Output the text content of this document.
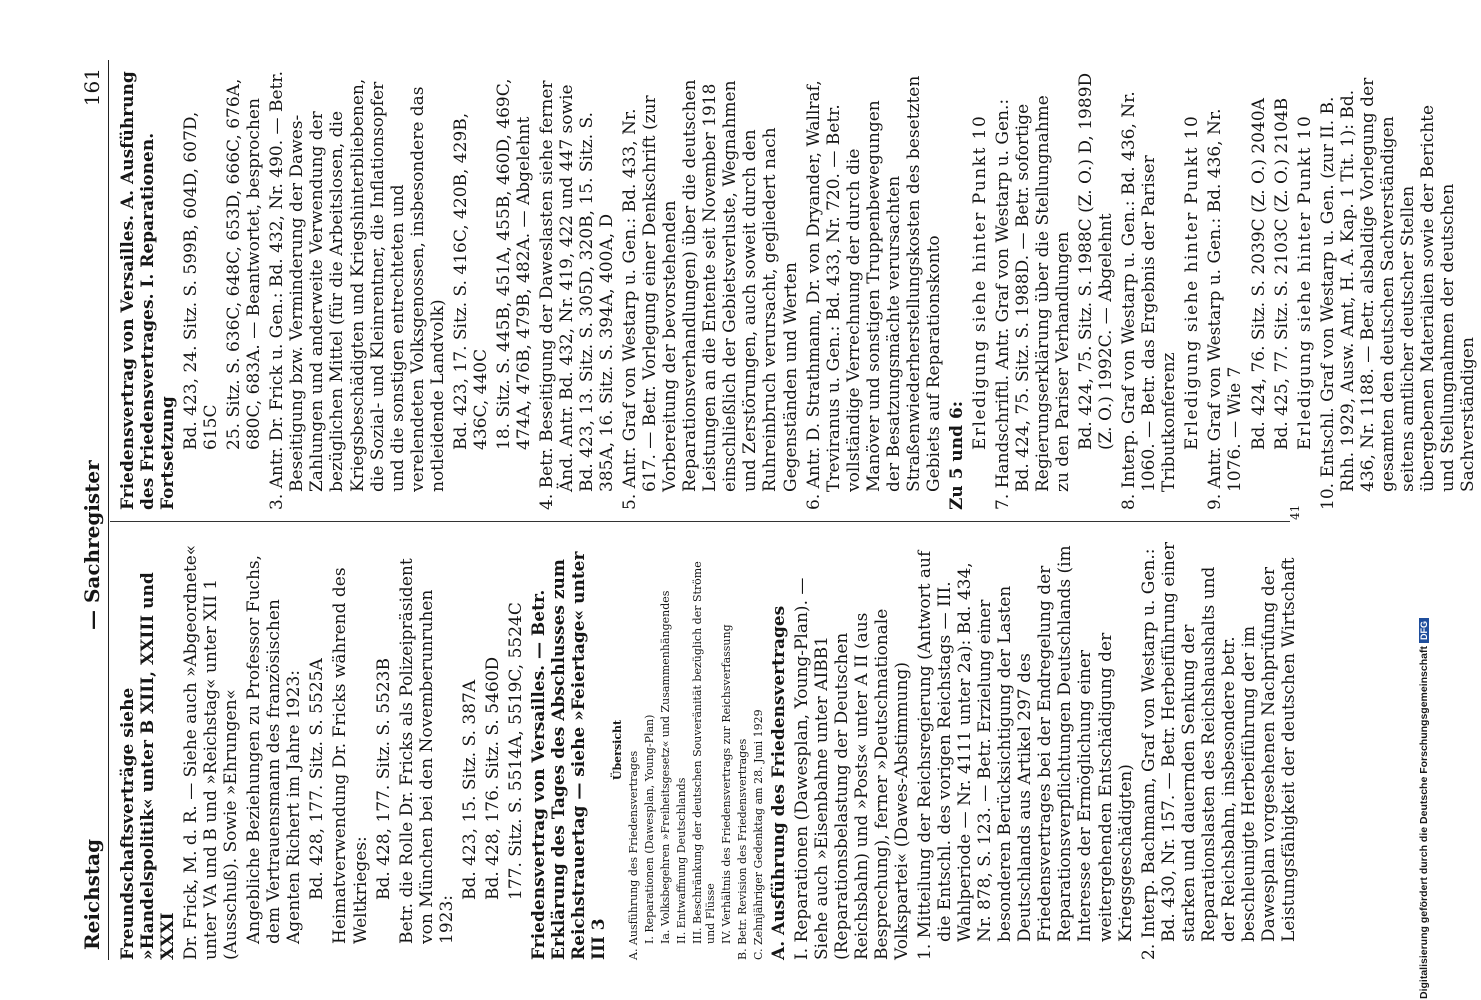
Reichstag
— Sachregister
161

Freundschaftsverträge siehe »Handelspolitik« unter B XIII, XXIII und XXXI Dr. Frick, M. d. R. — Siehe auch »Abgeordnete« unter VA und B und »Reichstag« unter XII 1 (Ausschuß). Sowie »Ehrungen« Angebliche Beziehungen zu Professor Fuchs, dem Vertrauensmann des französischen Agenten Richert im Jahre 1923: Bd. 428, 177. Sitz. S. 5525A Heimatverwendung Dr. Fricks während des Weltkrieges: Bd. 428, 177. Sitz. S. 5523B Betr. die Rolle Dr. Fricks als Polizeipräsident von München bei den Novemberunruhen 1923:

Bd. 423, 15. Sitz. S. 387A Bd. 428, 176. Sitz. S. 5460D 177. Sitz. S. 5514A, 5519C, 5524C Friedensvertrag von Versailles. — Betr. Erklärung des Tages des Abschlusses zum Reichstrauertag — siehe »Feiertage« unter III 3

Übersicht

A. Ausführung des Friedensvertrages I. Reparationen (Dawesplan, Young-Plan) Ia. Volksbegehren »Freiheitsgesetz« und Zusammenhängendes II. Entwaffnung Deutschlands III. Beschränkung der deutschen Souveränität bezüglich der Ströme und Flüsse IV. Verhältnis des Friedensvertrags zur Reichsverfassung B. Betr. Revision des Friedensvertrages C. Zehnjähriger Gedenktag am 28. Juni 1929 A. Ausführung des Friedensvertrages I. Reparationen (Dawesplan, Young-Plan). —Siehe auch »Eisenbahne unter AIBB1 (Reparationsbelastung der Deutschen Reichsbahn) und »Posts« unter A II (aus Besprechung), ferner »Deutschnationale Volkspartei« (Dawes-Abstimmung) 1. Mitteilung der Reichsregierung (Antwort auf die Entschl. des vorigen Reichstags — III. Wahlperiode — Nr. 4111 unter 2a): Bd. 434, Nr. 878, S. 123. — Betr. Erzielung einer besonderen Berücksichtigung der Lasten Deutschlands aus Artikel 297 des Friedensvertrages bei der Endregelung der Reparationsverpflichtungen Deutschlands (im Interesse der Ermöglichung einer weitergehenden Entschädigung der Kriegsgeschädigten) 2. Interp. Bachmann, Graf von Westarp u. Gen.: Bd. 430, Nr. 157. — Betr. Herbeiführung einer starken und dauernden Senkung der Reparationslasten des Reichshaushalts und der Reichsbahn, insbesondere betr. beschleunigte Herbeiführung der im Dawesplan vorgesehenen Nachprüfung der Leistungsfähigkeit der deutschen Wirtschaft

Friedensvertrag von Versailles. A. Ausführung des Friedensvertrages. I. Reparationen. Fortsetzung

Bd. 423, 24. Sitz. S. 599B, 604D, 607D, 615C 25. Sitz. S. 636C, 648C, 653D, 666C, 676A, 680C, 683A. — Beantwortet, besprochen 3. Antr. Dr. Frick u. Gen.: Bd. 432, Nr. 490. — Betr. Beseitigung bzw. Verminderung der Dawes-Zahlungen und anderweite Verwendung der bezüglichen Mittel (für die Arbeitslosen, die Kriegsbeschädigten und Kriegshinterbliebenen, die Sozial- und Kleinrentner, die Inflationsopfer und die sonstigen entrechteten und verelendeten Volksgenossen, insbesondere das notleidende Landvolk) Bd. 423, 17. Sitz. S. 416C, 420B, 429B, 436C, 440C 18. Sitz. S. 445B, 451A, 455B, 460D, 469C, 474A, 476B, 479B, 482A. — Abgelehnt 4. Betr. Beseitigung der Daweslasten siehe ferner Änd. Antr. Bd. 432, Nr. 419, 422 und 447 sowie Bd. 423, 13. Sitz. S. 305D, 320B, 15. Sitz. S. 385A, 16. Sitz. S. 394A, 400A, D 5. Antr. Graf von Westarp u. Gen.: Bd. 433, Nr. 617. — Betr. Vorlegung einer Denkschrift (zur Vorbereitung der bevorstehenden Reparationsverhandlungen) über die deutschen Leistungen an die Entente seit November 1918 einschließlich der Gebietsverluste, Wegnahmen und Zerstörungen, auch soweit durch den Ruhreinbruch verursacht, gegliedert nach Gegenständen und Werten 6. Antr. D. Strathmann, Dr. von Dryander, Wallraf, Treviranus u. Gen.: Bd. 433, Nr. 720. — Betr. vollständige Verrechnung der durch die Manöver und sonstigen Truppenbewegungen der Besatzungsmächte verursachten Straßenwiederherstellungskosten des besetzten Gebiets auf Reparationskonto Zu 5 und 6:

Erledigung siehe hinter Punkt 10 7. Handschriftl. Antr. Graf von Westarp u. Gen.: Bd. 424, 75. Sitz. S. 1988D. — Betr. sofortige Regierungserklärung über die Stellungnahme zu den Pariser Verhandlungen Bd. 424, 75. Sitz. S. 1988C (Z. O.) D, 1989D (Z. O.) 1992C. — Abgelehnt 8. Interp. Graf von Westarp u. Gen.: Bd. 436, Nr. 1060. — Betr. das Ergebnis der Pariser Tributkonferenz Erledigung siehe hinter Punkt 10 9. Antr. Graf von Westarp u. Gen.: Bd. 436, Nr. 1076. — Wie 7 Bd. 424, 76. Sitz. S. 2039C (Z. O.) 2040A Bd. 425, 77. Sitz. S. 2103C (Z. O.) 2104B Erledigung siehe hinter Punkt 10 10. Entschl. Graf von Westarp u. Gen. (zur II. B. Rhh. 1929, Ausw. Amt, H. A. Kap. 1 Tit. 1): Bd. 436, Nr. 1188. — Betr. alsbaldige Vorlegung der gesamten den deutschen Sachverständigen seitens amtlicher deutscher Stellen übergebenen Materialien sowie der Berichte und Stellungnahmen der deutschen Sachverständigen

41
Digitalisierung gefördert durch die Deutsche ForschungsgemeinschaftDFG
